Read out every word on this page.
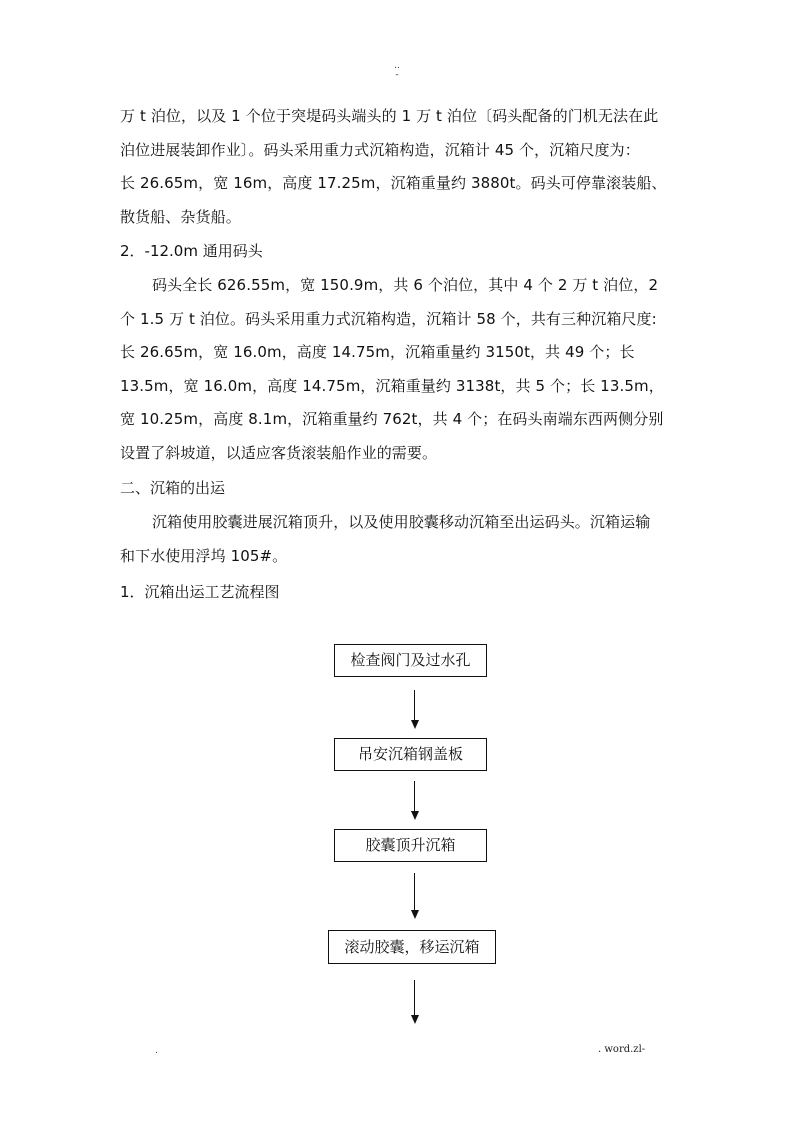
..
-
万 t 泊位，以及 1 个位于突堤码头端头的 1 万 t 泊位〔码头配备的门机无法在此
泊位进展装卸作业〕。码头采用重力式沉箱构造，沉箱计 45 个，沉箱尺度为：
长 26.65m，宽 16m，高度 17.25m，沉箱重量约 3880t。码头可停靠滚装船、
散货船、杂货船。
2．-12.0m 通用码头
码头全长 626.55m，宽 150.9m，共 6 个泊位，其中 4 个 2 万 t 泊位，2
个 1.5 万 t 泊位。码头采用重力式沉箱构造，沉箱计 58 个，共有三种沉箱尺度:
长 26.65m，宽 16.0m，高度 14.75m，沉箱重量约 3150t，共 49 个；长
13.5m，宽 16.0m，高度 14.75m，沉箱重量约 3138t，共 5 个；长 13.5m，
宽 10.25m，高度 8.1m，沉箱重量约 762t，共 4 个；在码头南端东西两侧分别
设置了斜坡道，以适应客货滚装船作业的需要。
二、沉箱的出运
沉箱使用胶囊进展沉箱顶升，以及使用胶囊移动沉箱至出运码头。沉箱运输
和下水使用浮坞 105#。
1．沉箱出运工艺流程图
检查阀门及过水孔
吊安沉箱钢盖板
胶囊顶升沉箱
滚动胶囊，移运沉箱
.	. word.zl-
